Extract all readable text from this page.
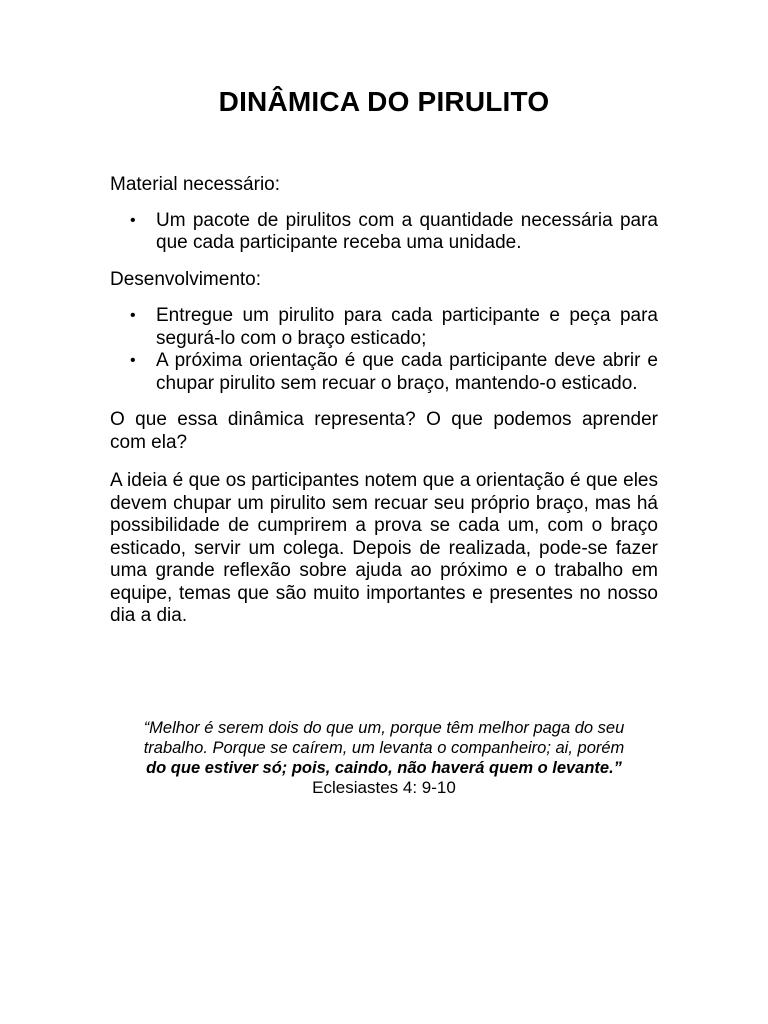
DINÂMICA DO PIRULITO

Material necessário:

• Um pacote de pirulitos com a quantidade necessária para que cada participante receba uma unidade.

Desenvolvimento:

• Entregue um pirulito para cada participante e peça para segurá-lo com o braço esticado;
• A próxima orientação é que cada participante deve abrir e chupar pirulito sem recuar o braço, mantendo-o esticado.

O que essa dinâmica representa? O que podemos aprender com ela?

A ideia é que os participantes notem que a orientação é que eles devem chupar um pirulito sem recuar seu próprio braço, mas há possibilidade de cumprirem a prova se cada um, com o braço esticado, servir um colega. Depois de realizada, pode-se fazer uma grande reflexão sobre ajuda ao próximo e o trabalho em equipe, temas que são muito importantes e presentes no nosso dia a dia.

“Melhor é serem dois do que um, porque têm melhor paga do seu
trabalho. Porque se caírem, um levanta o companheiro; ai, porém
do que estiver só; pois, caindo, não haverá quem o levante.”
Eclesiastes 4: 9-10
